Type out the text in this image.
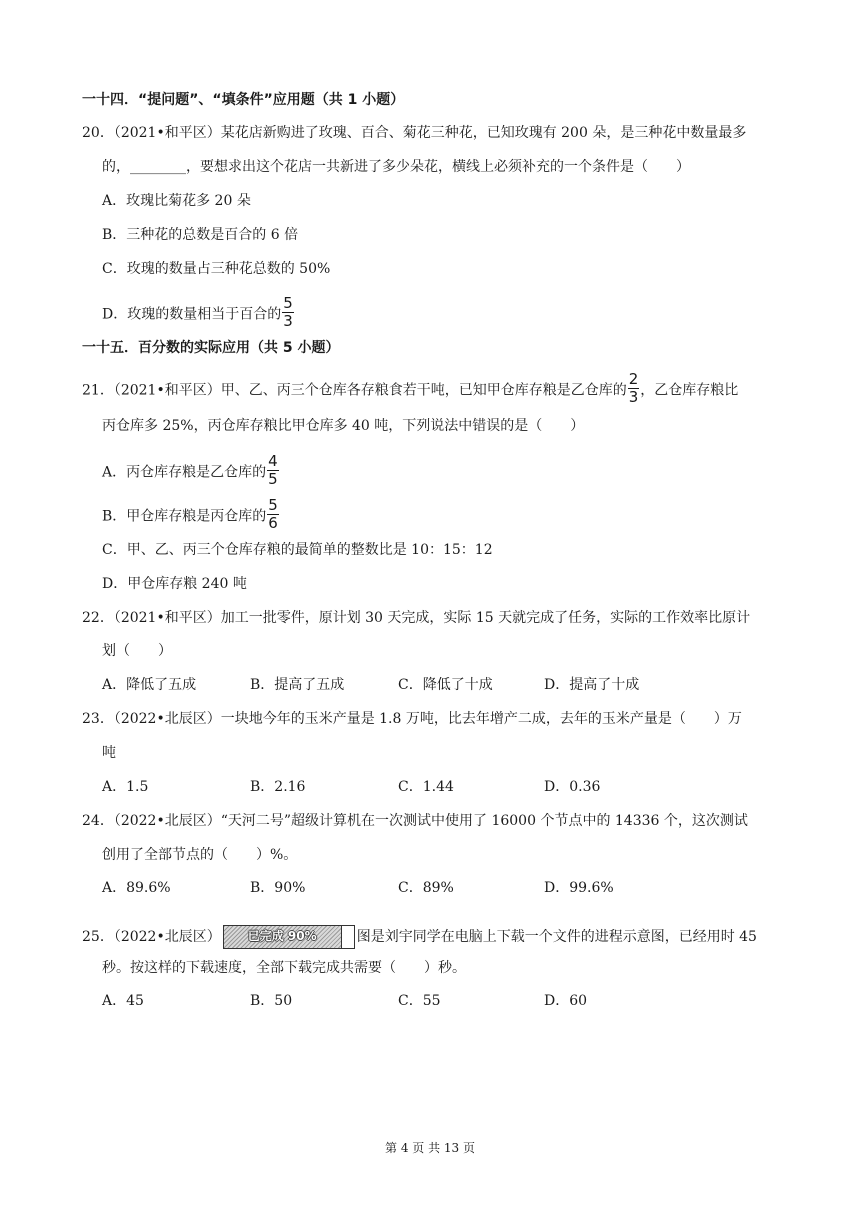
一十四．“提问题”、“填条件”应用题（共 1 小题）
20．（2021•和平区）某花店新购进了玫瑰、百合、菊花三种花，已知玫瑰有 200 朵，是三种花中数量最多
的，________，要想求出这个花店一共新进了多少朵花，横线上必须补充的一个条件是（　　）
A．玫瑰比菊花多 20 朵
B．三种花的总数是百合的 6 倍
C．玫瑰的数量占三种花总数的 50%
D．玫瑰的数量相当于百合的 $\frac{5}{3}$
一十五．百分数的实际应用（共 5 小题）
21．（2021•和平区）甲、乙、丙三个仓库各存粮食若干吨，已知甲仓库存粮是乙仓库的 $\frac{2}{3}$ ，乙仓库存粮比
丙仓库多 25%，丙仓库存粮比甲仓库多 40 吨，下列说法中错误的是（　　）
A．丙仓库存粮是乙仓库的 $\frac{4}{5}$
B．甲仓库存粮是丙仓库的 $\frac{5}{6}$
C．甲、乙、丙三个仓库存粮的最简单的整数比是 10：15：12
D．甲仓库存粮 240 吨
22．（2021•和平区）加工一批零件，原计划 30 天完成，实际 15 天就完成了任务，实际的工作效率比原计
划（　　）
A．降低了五成	B．提高了五成	C．降低了十成	D．提高了十成
23．（2022•北辰区）一块地今年的玉米产量是 1.8 万吨，比去年增产二成，去年的玉米产量是（　　）万
吨
A．1.5	B．2.16	C．1.44	D．0.36
24．（2022•北辰区）“天河二号”超级计算机在一次测试中使用了 16000 个节点中的 14336 个，这次测试
创用了全部节点的（　　）%。
A．89.6%	B．90%	C．89%	D．99.6%
25．（2022•北辰区）	已完成 90%	图是刘宇同学在电脑上下载一个文件的进程示意图，已经用时 45
秒。按这样的下载速度，全部下载完成共需要（　　）秒。
A．45	B．50	C．55	D．60
第 4 页 共 13 页
